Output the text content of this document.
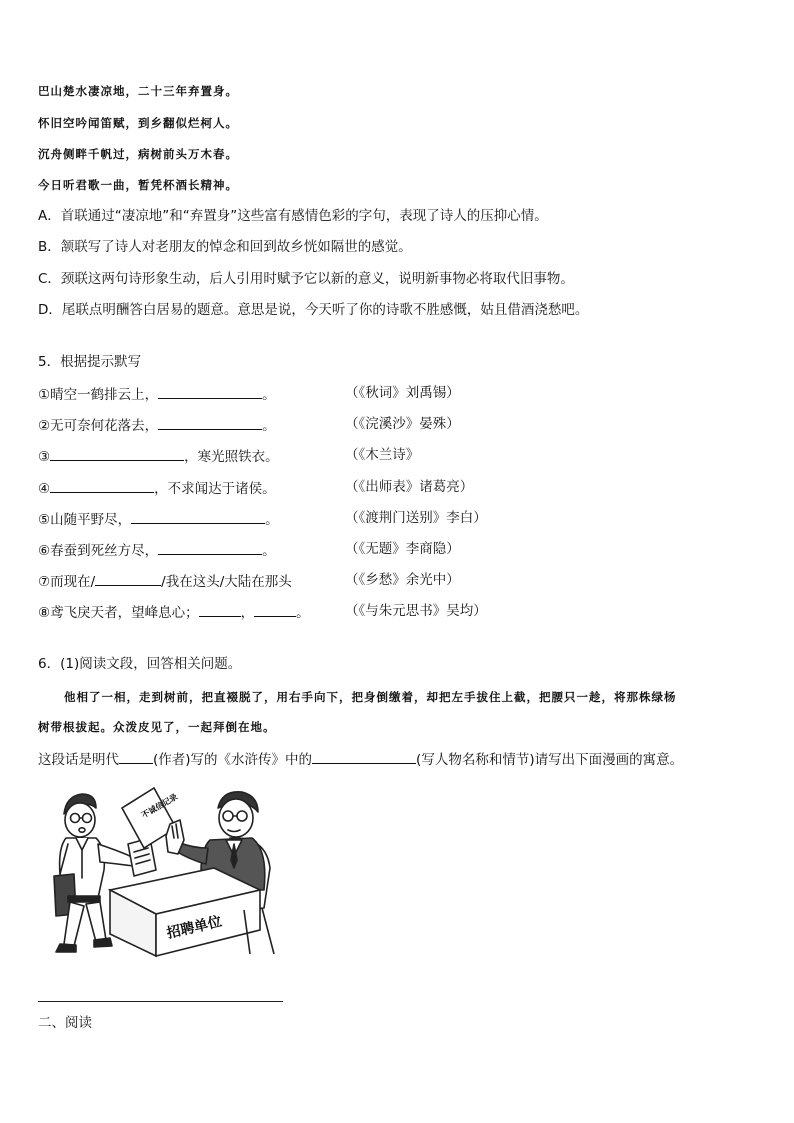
巴山楚水凄凉地，二十三年弃置身。
怀旧空吟闻笛赋，到乡翻似烂柯人。
沉舟侧畔千帆过，病树前头万木春。
今日听君歌一曲，暂凭杯酒长精神。
A．首联通过“凄凉地”和“弃置身”这些富有感情色彩的字句，表现了诗人的压抑心情。
B．颔联写了诗人对老朋友的悼念和回到故乡恍如隔世的感觉。
C．颈联这两句诗形象生动，后人引用时赋予它以新的意义，说明新事物必将取代旧事物。
D．尾联点明酬答白居易的题意。意思是说，今天听了你的诗歌不胜感慨，姑且借酒浇愁吧。
5．根据提示默写
①晴空一鹤排云上，	。	（《秋词》刘禹锡）
②无可奈何花落去，	。	（《浣溪沙》晏殊）
③	，寒光照铁衣。	（《木兰诗》
④	，不求闻达于诸侯。	（《出师表》诸葛亮）
⑤山随平野尽，	。	（《渡荆门送别》李白）
⑥春蚕到死丝方尽，	。	（《无题》李商隐）
⑦而现在/	/我在这头/大陆在那头	（《乡愁》余光中）
⑧鸢飞戾天者，望峰息心；	，	。	（《与朱元思书》吴均）
6．(1)阅读文段，回答相关问题。
他相了一相，走到树前，把直裰脱了，用右手向下，把身倒缴着，却把左手拔住上截，把腰只一趁，将那株绿杨
树带根拔起。众泼皮见了，一起拜倒在地。
这段话是明代	(作者)写的《水浒传》中的	(写人物名称和情节)请写出下面漫画的寓意。
不诚信记录
招聘单位
二、阅读
